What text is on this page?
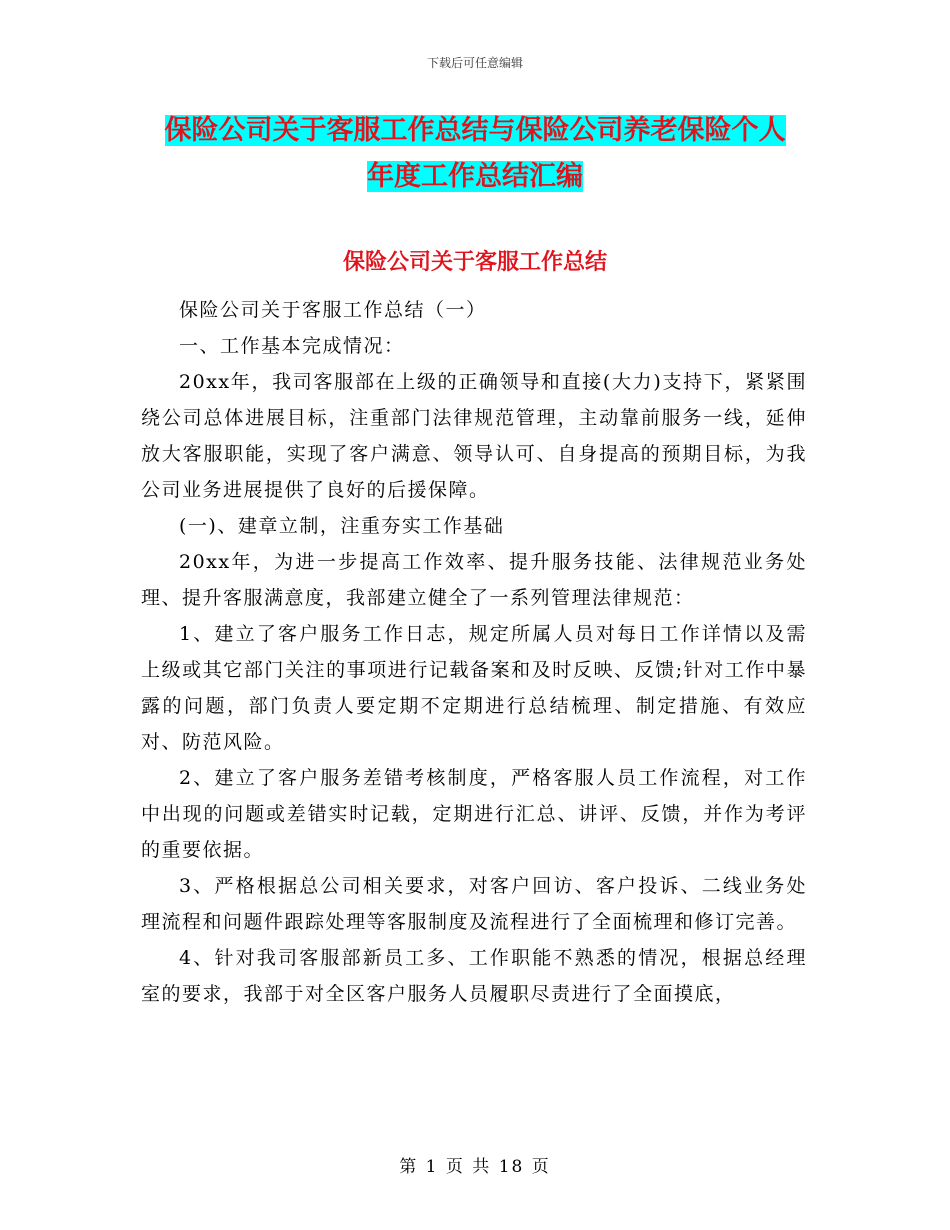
下载后可任意编辑
保险公司关于客服工作总结与保险公司养老保险个人
年度工作总结汇编
保险公司关于客服工作总结

保险公司关于客服工作总结（一）

一、工作基本完成情况：

20xx年，我司客服部在上级的正确领导和直接(大力)支持下，紧紧围绕公司总体进展目标，注重部门法律规范管理，主动靠前服务一线，延伸放大客服职能，实现了客户满意、领导认可、自身提高的预期目标，为我公司业务进展提供了良好的后援保障。

(一)、建章立制，注重夯实工作基础

20xx年，为进一步提高工作效率、提升服务技能、法律规范业务处理、提升客服满意度，我部建立健全了一系列管理法律规范：

1、建立了客户服务工作日志，规定所属人员对每日工作详情以及需上级或其它部门关注的事项进行记载备案和及时反映、反馈;针对工作中暴露的问题，部门负责人要定期不定期进行总结梳理、制定措施、有效应对、防范风险。

2、建立了客户服务差错考核制度，严格客服人员工作流程，对工作中出现的问题或差错实时记载，定期进行汇总、讲评、反馈，并作为考评的重要依据。

3、严格根据总公司相关要求，对客户回访、客户投诉、二线业务处理流程和问题件跟踪处理等客服制度及流程进行了全面梳理和修订完善。

4、针对我司客服部新员工多、工作职能不熟悉的情况，根据总经理室的要求，我部于对全区客户服务人员履职尽责进行了全面摸底，

第 1 页 共 18 页
